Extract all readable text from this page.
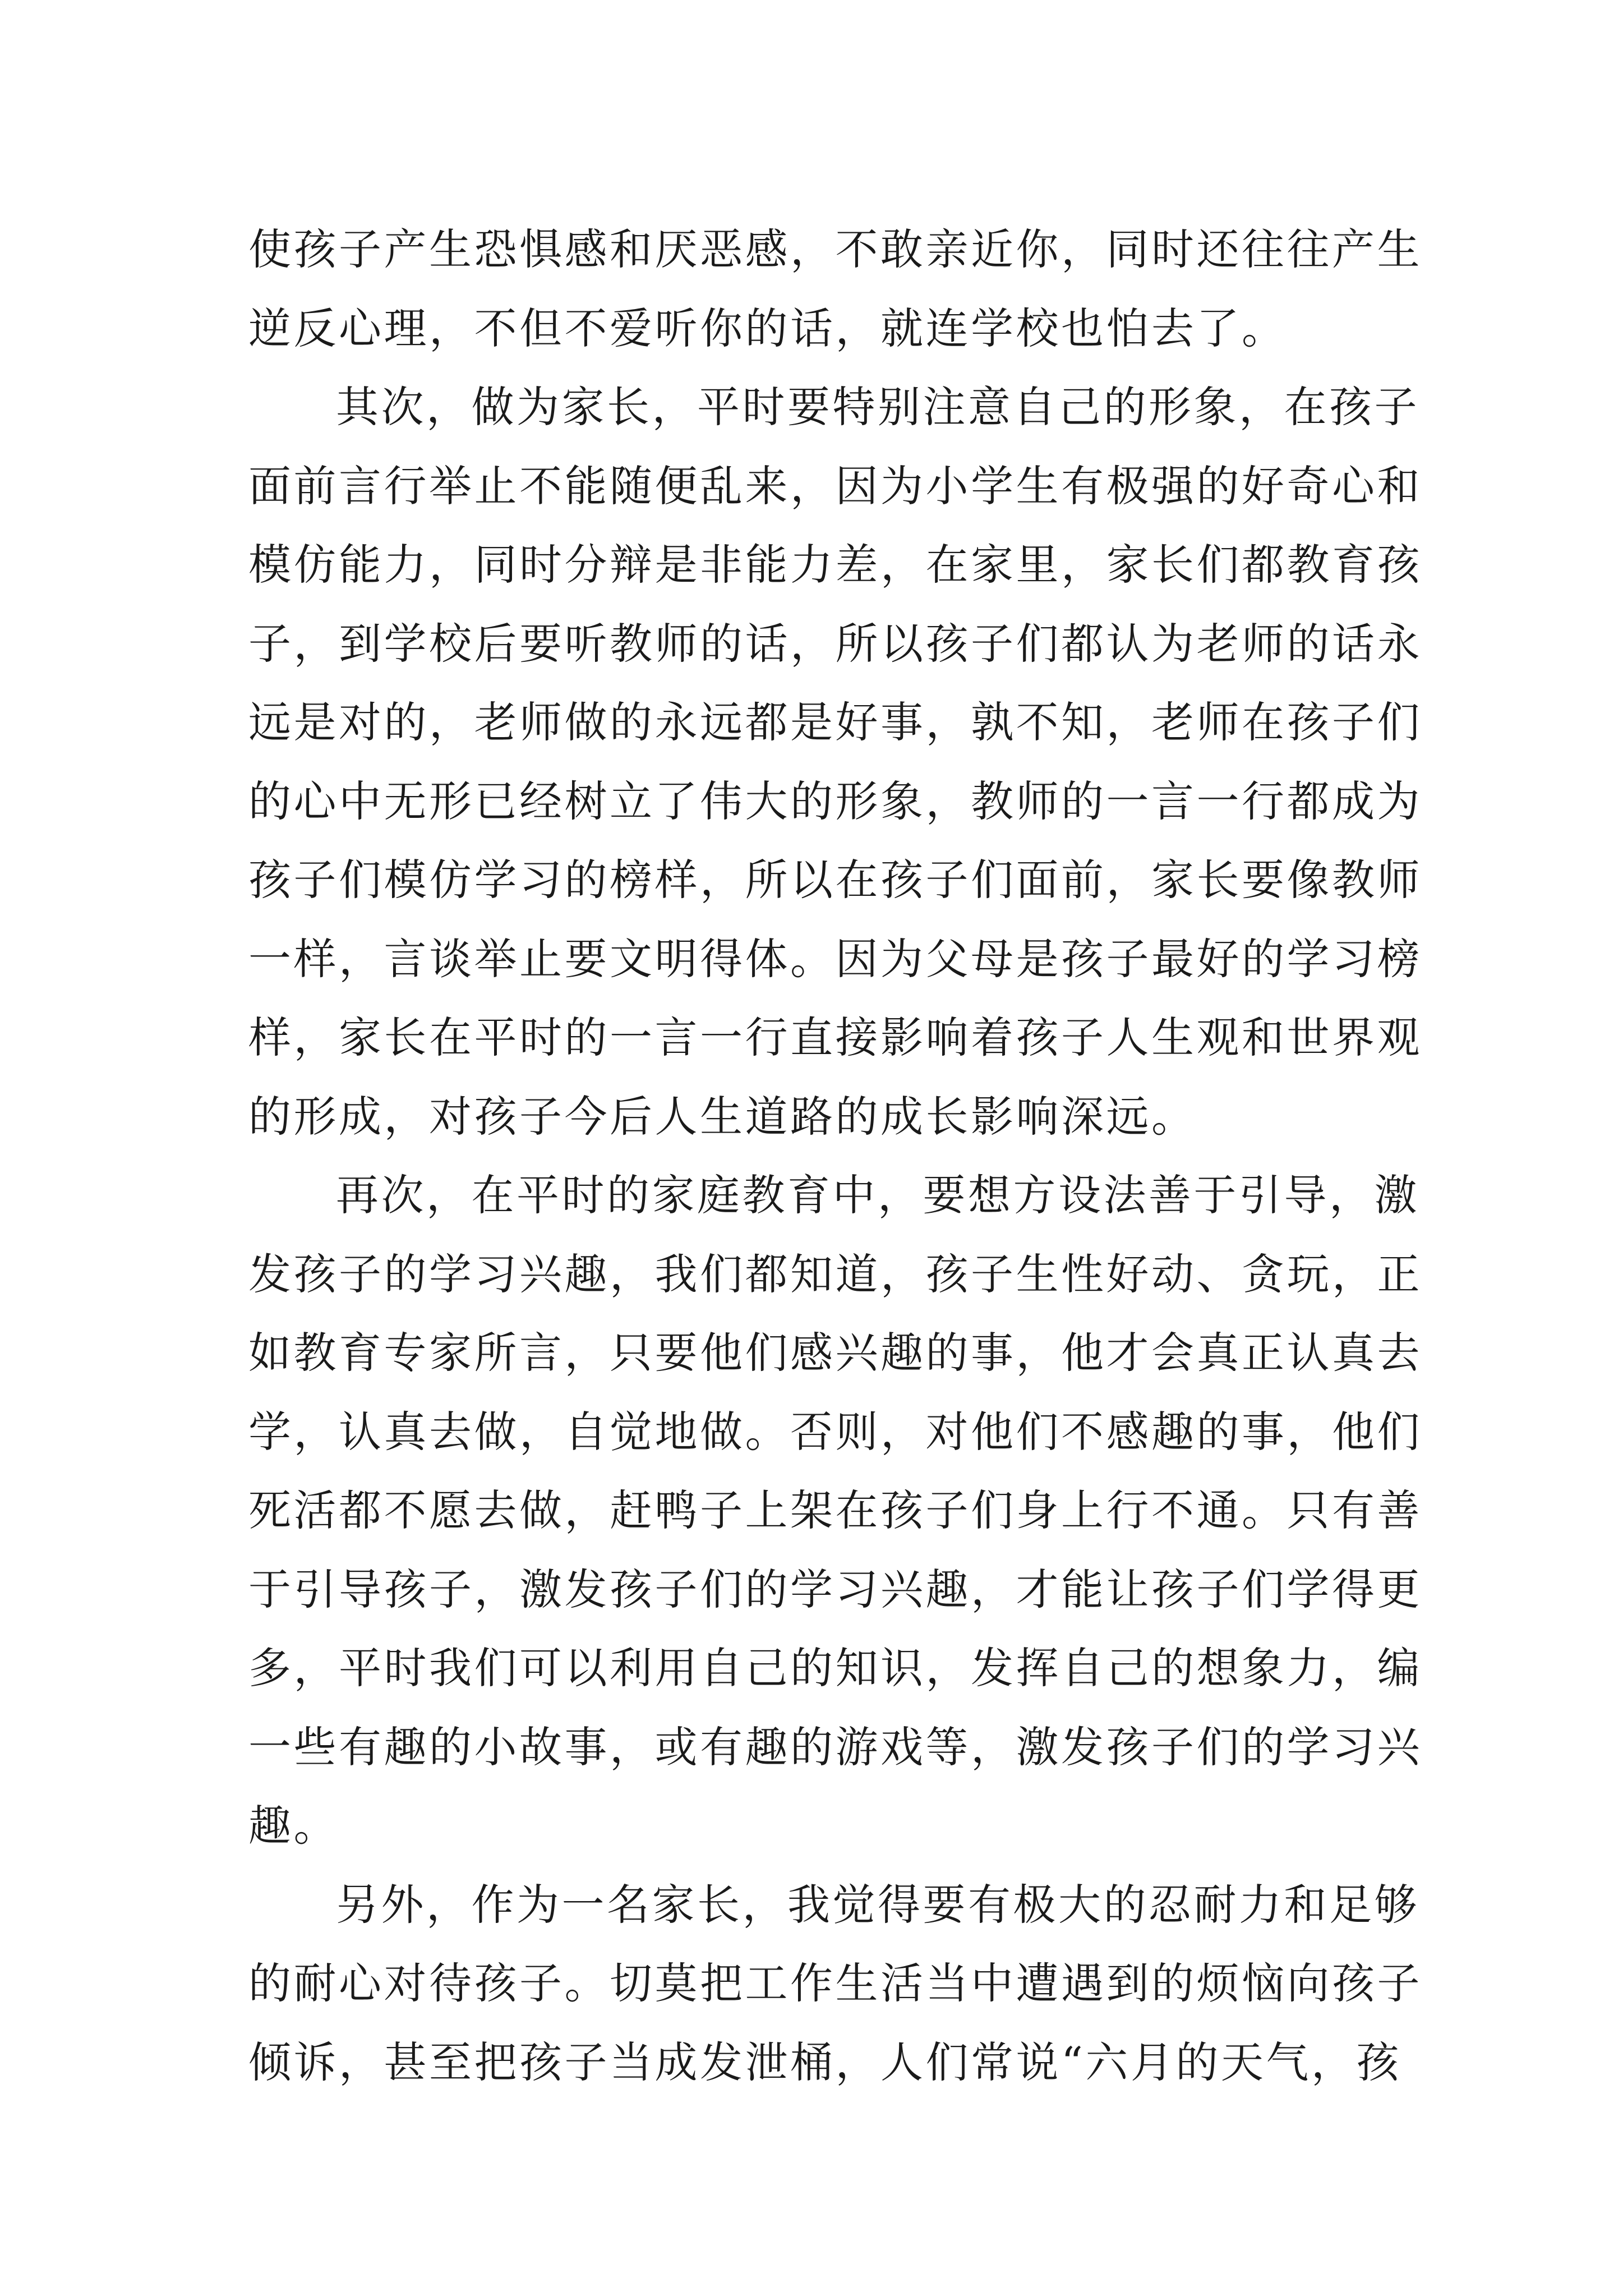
使孩子产生恐惧感和厌恶感，不敢亲近你，同时还往往产生
逆反心理，不但不爱听你的话，就连学校也怕去了。
其次，做为家长，平时要特别注意自己的形象，在孩子
面前言行举止不能随便乱来，因为小学生有极强的好奇心和
模仿能力，同时分辩是非能力差，在家里，家长们都教育孩
子，到学校后要听教师的话，所以孩子们都认为老师的话永
远是对的，老师做的永远都是好事，孰不知，老师在孩子们
的心中无形已经树立了伟大的形象，教师的一言一行都成为
孩子们模仿学习的榜样，所以在孩子们面前，家长要像教师
一样，言谈举止要文明得体。因为父母是孩子最好的学习榜
样，家长在平时的一言一行直接影响着孩子人生观和世界观
的形成，对孩子今后人生道路的成长影响深远。
再次，在平时的家庭教育中，要想方设法善于引导，激
发孩子的学习兴趣，我们都知道，孩子生性好动、贪玩，正
如教育专家所言，只要他们感兴趣的事，他才会真正认真去
学，认真去做，自觉地做。否则，对他们不感趣的事，他们
死活都不愿去做，赶鸭子上架在孩子们身上行不通。只有善
于引导孩子，激发孩子们的学习兴趣，才能让孩子们学得更
多，平时我们可以利用自己的知识，发挥自己的想象力，编
一些有趣的小故事，或有趣的游戏等，激发孩子们的学习兴
趣。
另外，作为一名家长，我觉得要有极大的忍耐力和足够
的耐心对待孩子。切莫把工作生活当中遭遇到的烦恼向孩子
倾诉，甚至把孩子当成发泄桶，人们常说“六月的天气，孩
